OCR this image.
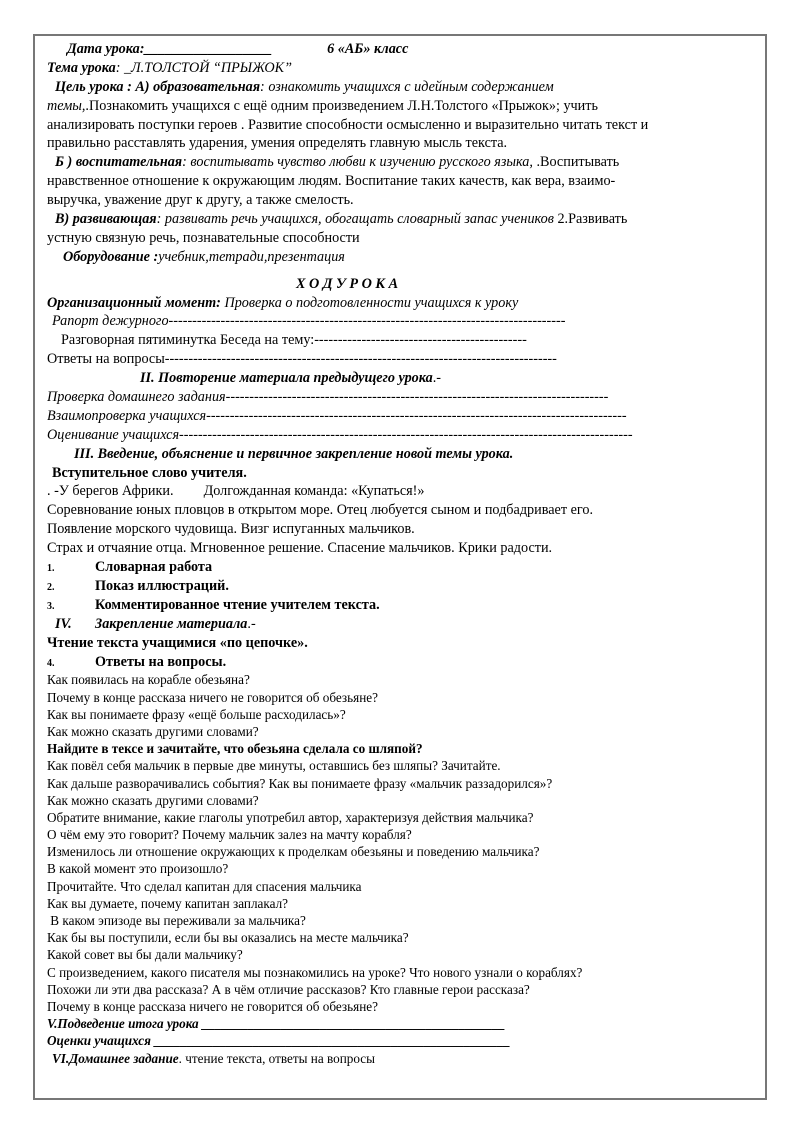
Дата урока:__________________	6 «АБ» класс
Тема урока: _Л.ТОЛСТОЙ “ПРЫЖОК”
Цель урока : А) образовательная: ознакомить учащихся с идейным содержанием
темы,.Познакомить учащихся с ещё одним произведением Л.Н.Толстого «Прыжок»; учить
анализировать поступки героев . Развитие способности осмысленно и выразительно читать текст и
правильно расставлять ударения, умения определять главную мысль текста.
Б ) воспитательная: воспитывать чувство любви к изучению русского языка, .Воспитывать
нравственное отношение к окружающим людям. Воспитание таких качеств, как вера, взаимо-
выручка, уважение друг к другу, а также смелость.
В) развивающая: развивать речь учащихся, обогащать словарный запас учеников 2.Развивать
устную связную речь, познавательные способности
Оборудование :учебник,тетради,презентация
Х О Д У Р О К А
Организационный момент: Проверка о подготовленности учащихся к уроку
Рапорт дежурного------------------------------------------------------------------------------------
Разговорная пятиминутка Беседа на тему:---------------------------------------------
Ответы на вопросы-----------------------------------------------------------------------------------
II. Повторение материала предыдущего урока.-
Проверка домашнего задания---------------------------------------------------------------------------------
Взаимопроверка учащихся-----------------------------------------------------------------------------------------
Оценивание учащихся------------------------------------------------------------------------------------------------
III. Введение, объяснение и первичное закрепление новой темы урока.
Вступительное слово учителя.
. -У берегов Африки. Долгожданная команда: «Купаться!»
Соревнование юных пловцов в открытом море. Отец любуется сыном и подбадривает его.
Появление морского чудовища. Визг испуганных мальчиков.
Страх и отчаяние отца. Мгновенное решение. Спасение мальчиков. Крики радости.
1.	Словарная работа
2.	Показ иллюстраций.
3.	Комментированное чтение учителем текста.
IV. Закрепление материала.-
Чтение текста учащимися «по цепочке».
4.	Ответы на вопросы.
Как появилась на корабле обезьяна?
Почему в конце рассказа ничего не говорится об обезьяне?
Как вы понимаете фразу «ещё больше расходилась»?
Как можно сказать другими словами?
Найдите в тексе и зачитайте, что обезьяна сделала со шляпой?
Как повёл себя мальчик в первые две минуты, оставшись без шляпы? Зачитайте.
Как дальше разворачивались события? Как вы понимаете фразу «мальчик раззадорился»?
Как можно сказать другими словами?
Обратите внимание, какие глаголы употребил автор, характеризуя действия мальчика?
О чём ему это говорит? Почему мальчик залез на мачту корабля?
Изменилось ли отношение окружающих к проделкам обезьяны и поведению мальчика?
В какой момент это произошло?
Прочитайте. Что сделал капитан для спасения мальчика
Как вы думаете, почему капитан заплакал?
В каком эпизоде вы переживали за мальчика?
Как бы вы поступили, если бы вы оказались на месте мальчика?
Какой совет вы бы дали мальчику?
С произведением, какого писателя мы познакомились на уроке? Что нового узнали о кораблях?
Похожи ли эти два рассказа? А в чём отличие рассказов? Кто главные герои рассказа?
Почему в конце рассказа ничего не говорится об обезьяне?
V.Подведение итога урока ______________________________________________
Оценки учащихся ______________________________________________________
VI.Домашнее задание. чтение текста, ответы на вопросы
